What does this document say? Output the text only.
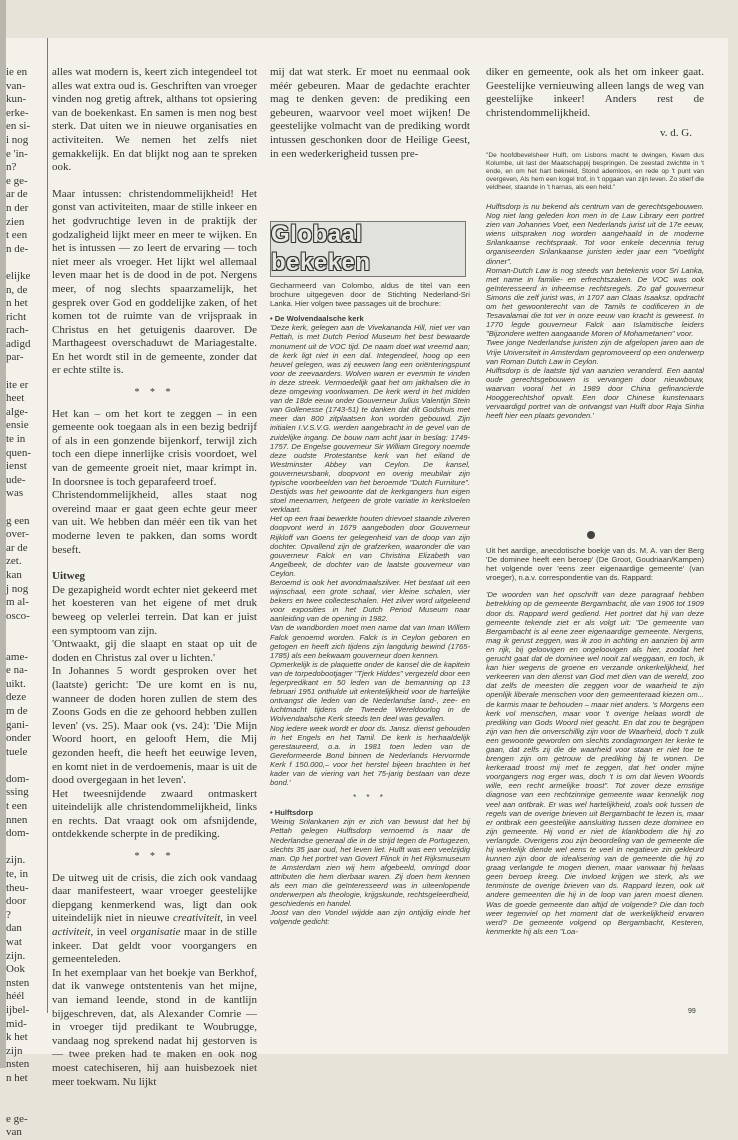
ie en
van-
kun-
erke-
en si-
i nog
e 'in-
n?
e ge-
ar de
n der
zien
t een
n de-

elijke
n, de
n het
richt
rach-
adigd
par-

ite er
heet
alge-
ensie
te in
quen-
ienst
ude-
was

g een
over-
ar de
zet.
kan
j nog
m al-
osco-

ame-
e na-
uikt.
deze
m de
gani-
onder
tuele

dom-
ssing
t een
nnen
dom-

zijn.
te, in
theu-
door
?
dan
wat
zijn.
Ook
nsten
héél
ijbel-
mid-
k het
zijn
nsten
n het

e ge-
van

alles wat modern is, keert zich integendeel tot alles wat extra oud is. Geschriften van vroeger vinden nog gretig aftrek, althans tot opsiering van de boekenkast. En samen is men nog best sterk. Dat uiten we in nieuwe organisaties en activiteiten. We nemen het zelfs niet gemakkelijk. En dat blijkt nog aan te spreken ook.

Maar intussen: christendommelijkheid! Het gonst van activiteiten, maar de stille inkeer en het godvruchtige leven in de praktijk der godzaligheid lijkt meer en meer te wijken. En het is intussen — zo leert de ervaring — toch niet meer als vroeger. Het lijkt wel allemaal leven maar het is de dood in de pot. Nergens meer, of nog slechts spaarzamelijk, het gesprek over God en goddelijke zaken, of het komen tot de ruimte van de vrijspraak in Christus en het getuigenis daarover. De Marthageest overschaduwt de Mariagestalte. En het wordt stil in de gemeente, zonder dat er echte stilte is.

* * *

Het kan – om het kort te zeggen – in een gemeente ook toegaan als in een bezig bedrijf of als in een gonzende bijenkorf, terwijl zich toch een diepe innerlijke crisis voordoet, wel van de gemeente groeit niet, maar krimpt in. In doorsnee is toch geparafeerd troef.

Christendommelijkheid, alles staat nog overeind maar er gaat geen echte geur meer van uit. We hebben dan méér een tik van het moderne leven te pakken, dan soms wordt beseft.

Uitweg

De gezapigheid wordt echter niet gekeerd met het koesteren van het eigene of met druk beweeg op velerlei terrein. Dat kan er juist een symptoom van zijn.

'Ontwaakt, gij die slaapt en staat op uit de doden en Christus zal over u lichten.'

In Johannes 5 wordt gesproken over het (laatste) gericht: 'De ure komt en is nu, wanneer de doden horen zullen de stem des Zoons Gods en die ze gehoord hebben zullen leven' (vs. 25). Maar ook (vs. 24): 'Die Mijn Woord hoort, en gelooft Hem, die Mij gezonden heeft, die heeft het eeuwige leven, en komt niet in de verdoemenis, maar is uit de dood overgegaan in het leven'.

Het tweesnijdende zwaard ontmaskert uiteindelijk alle christendommelijkheid, links en rechts. Dat vraagt ook om afsnijdende, ontdekkende scherpte in de prediking.

* * *

De uitweg uit de crisis, die zich ook vandaag daar manifesteert, waar vroeger geestelijke diepgang kenmerkend was, ligt dan ook uiteindelijk niet in nieuwe creativiteit, in veel activiteit, in veel organisatie maar in de stille inkeer. Dat geldt voor voorgangers en gemeenteleden.

In het exemplaar van het boekje van Berkhof, dat ik vanwege ontstentenis van het mijne, van iemand leende, stond in de kantlijn bijgeschreven, dat, als Alexander Comrie — in vroeger tijd predikant te Woubrugge, vandaag nog sprekend nadat hij gestorven is — twee preken had te maken en ook nog moest catechiseren, hij aan huisbezoek niet meer toekwam. Nu lijkt

mij dat wat sterk. Er moet nu eenmaal ook méér gebeuren. Maar de gedachte erachter mag te denken geven: de prediking een gebeuren, waarvoor veel moet wijken! De geestelijke volmacht van de prediking wordt intussen geschonken door de Heilige Geest, in een wederkerigheid tussen pre-

diker en gemeente, ook als het om inkeer gaat. Geestelijke vernieuwing alleen langs de weg van geestelijke inkeer! Anders rest de christendommelijkheid.

v. d. G.
Globaal bekeken

Gecharmeerd van Colombo, aldus de titel van een brochure uitgegeven door de Stichting Nederland-Sri Lanka. Hier volgen twee passages uit de brochure:

• De Wolvendaalsche kerk

'Deze kerk, gelegen aan de Vivekananda Hill, niet ver van Pettah, is met Dutch Period Museum het best bewaarde monument uit de VOC tijd. De naam doet wat vreemd aan; de kerk ligt niet in een dal. Integendeel, hoog op een heuvel gelegen, was zij eeuwen lang een oriënteringspunt voor de zeevaarders. Wolven waren er evenmin te vinden in deze streek. Vermoedelijk gaat het om jakhalsen die in deze omgeving voorkwamen. De kerk werd in het midden van de 18de eeuw onder Gouverneur Julius Valentijn Stein van Gollenesse (1743-51) te danken dat dit Godshuis met meer dan 800 zitplaatsen kon worden gebouwd. Zijn initialen I.V.S.V.G. werden aangebracht in de gevel van de zuidelijke ingang. De bouw nam acht jaar in beslag: 1749-1757. De Engelse gouverneur Sir William Gregory noemde deze oudste Protestantse kerk van het eiland de Westminster Abbey van Ceylon. De kansel, gouverneursbank, doopvont en overig meubilair zijn typische voorbeelden van het beroemde "Dutch Furniture". Destijds was het gewoonte dat de kerkgangers hun eigen stoel meenamen, hetgeen de grote variatie in kerkstoelen verklaart.

Het op een fraai bewerkte houten drievoet staande zilveren doopvont werd in 1679 aangeboden door Gouverneur Rijkloff van Goens ter gelegenheid van de doop van zijn dochter. Opvallend zijn de grafzerken, waaronder die van gouverneur Falck en van Christina Elizabeth van Angelbeek, de dochter van de laatste gouverneur van Ceylon.

Beroemd is ook het avondmaalszilver. Het bestaat uit een wijnschaal, een grote schaal, vier kleine schalen, vier bekers en twee collecteschalen. Het zilver word uitgeleend voor exposities in het Dutch Period Museum naar aanleiding van de opening in 1982.

Van de wandborden moet men name dat van Iman Willem Falck genoemd worden. Falck is in Ceylon geboren en getogen en heeft zich tijdens zijn langdurig bewind (1765-1785) als een bekwaam gouverneur doen kennen.

Opmerkelijk is de plaquette onder de kansel die de kapitein van de torpedobootjager "Tjerk Hiddes" vergezeld door een legerpredikant en 50 leden van de bemanning op 13 februari 1951 onthulde uit erkentelijkheid voor de hartelijke ontvangst die leden van de Nederlandse land-, zee- en luchtmacht tijdens de Tweede Wereldoorlog in de Wolvendaalsche Kerk steeds ten deel was gevallen.

Nog iedere week wordt er door ds. Jansz. dienst gehouden in het Engels en het Tamil. De kerk is herhaaldelijk gerestaureerd, o.a. in 1981 toen leden van de Gereformeerde Bond binnen de Nederlands Hervormde Kerk f 150.000,– voor het herstel bijeen brachten in het kader van de viering van het 75-jarig bestaan van deze bond.'

* * *

• Hulftsdorp

'Weinig Srilankanen zijn er zich van bewust dat het bij Pettah gelegen Hulftsdorp vernoemd is naar de Nederlandse generaal die in de strijd tegen de Portugezen, slechts 35 jaar oud, het leven liet. Hulft was een veelzijdig man. Op het portret van Govert Flinck in het Rijksmuseum te Amsterdam zien wij hem afgebeeld, omringd door attributen die hem dierbaar waren. Zij doen hem kennen als een man die geïnteresseerd was in uiteenlopende onderwerpen als theologie, krijgskunde, rechtsgeleerdheid, geschiedenis en handel.

Joost van den Vondel wijdde aan zijn ontijdig einde het volgende gedicht:

"De hoofdbevelsheer Hulft, om Lisbons macht te dwingen, Kwam dus Kolumbe, uit last der Maatschappij bespringen. De zeestad zwichtte in 't ende, en om het hart bekneld, Stond ademloos, en rede op 't punt van overgeven, Als hem een kogel trof, in 't opgaan van zijn leven. Zo stierf die veldheer, staande in 't harnas, als een held."

Hulftsdorp is nu bekend als centrum van de gerechtsgebouwen. Nog niet lang geleden kon men in de Law Library een portret zien van Johannes Voet, een Nederlands jurist uit de 17e eeuw, wiens uitspraken nog worden aangehaald in de moderne Srilankaanse rechtspraak. Tot voor enkele decennia terug organiseerden Srilankaanse juristen ieder jaar een "Voetlight dinner".

Roman-Dutch Law is nog steeds van betekenis voor Sri Lanka, met name in familie- en erfrechtszaken. De VOC was ook geïnteresseerd in inheemse rechtsregels. Zo gaf gouverneur Simons die zelf jurist was, in 1707 aan Claas Isaaksz. opdracht om het gewoonterecht van de Tamils te codificeren in de Tesavalamai die tot ver in onze eeuw van kracht is geweest. In 1770 legde gouverneur Falck aan Islamitische leiders "Bijzondere wetten aangaande Moren of Mohametanen" voor.

Twee jonge Nederlandse juristen zijn de afgelopen jaren aan de Vrije Universiteit in Amsterdam gepromoveerd op een onderwerp van Roman Dutch Law in Ceylon.

Hulftsdorp is de laatste tijd van aanzien veranderd. Een aantal oude gerechtsgebouwen is vervangen door nieuwbouw, waarvan vooral het in 1989 door China gefinancierde Hooggerechtshof opvalt. Een door Chinese kunstenaars vervaardigd portret van de ontvangst van Hulft door Raja Sinha heeft hier een plaats gevonden.'

Uit het aardige, anecdotische boekje van ds. M. A. van der Berg 'De dominee heeft een beroep' (De Groot, Goudriaan/Kampen) het volgende over 'eens zeer eigenaardige gemeente' (van vroeger), n.a.v. correspondentie van ds. Rappard:

'De woorden van het opschrift van deze paragraaf hebben betrekking op de gemeente Bergambacht, die van 1906 tot 1909 door ds. Rappard werd gediend. Het portret dat hij van deze gemeente tekende ziet er als volgt uit: "De gemeente van Bergambacht is al eene zeer eigenaardige gemeente. Nergens, mag ik gerust zeggen, was ik zoo in achting en aanzien bij arm en rijk, bij geloovigen en ongeloovigen als hier, zoodat het gerucht gaat dat de dominee wel nooit zal weggaan, en toch, ik kan hier wegens de groene en verzande onkerkelijkheid, het verkeeren van den dienst van God met dien van de wereld, zoo dat zelfs de meesten die zeggen voor de waarheid te zijn openlijk liberale menschen voor den gemeenteraad kiezen om... de karmis maar te behouden – maar niet anders. 's Morgens een kerk vol menschen, maar voor 't overige helaas wordt de prediking van Gods Woord niet geacht. En dat zou te begrijpen zijn van hen die onverschillig zijn voor de Waarheid, doch 't zulk een gewoonte geworden om slechts zondagmorgen ter kerke te gaan, dat zelfs zij die de waarheid voor staan er niet toe te brengen zijn om getrouw de prediking bij te wonen. De kerkeraad troost mij met te zeggen, dat het onder mijne voorgangers nog erger was, doch 't is om dat lieven Woords wille, een recht armelijke troost". Tot zover deze ernstige diagnose van een rechtzinnige gemeente waar kennelijk nog veel aan ontbrak. Er was wel hartelijkheid, zoals ook tussen de regels van de overige brieven uit Bergambacht te lezen is, maar er ontbrak een geestelijke aansluiting tussen deze dominee en zijn gemeente. Hij vond er niet de klankbodem die hij zo verlangde. Overigens zou zijn beoordeling van de gemeente die hij werkelijk diende wel eens te veel in negatieve zin gekleurd kunnen zijn door de idealisering van de gemeente die hij zo graag verlangde te mogen dienen, maar vanwaar hij helaas geen beroep kreeg. Die invloed krijgen we sterk, als we tenminste de overige brieven van ds. Rappard lezen, ook uit andere gemeenten die hij in de loop van jaren moest dienen. Was de goede gemeente dan altijd de volgende? Die dan toch weer tegenviel op het moment dat de werkelijkheid ervaren werd? De gemeente volgend op Bergambacht, Kesteren, kenmerkte hij als een "Loa-

99
